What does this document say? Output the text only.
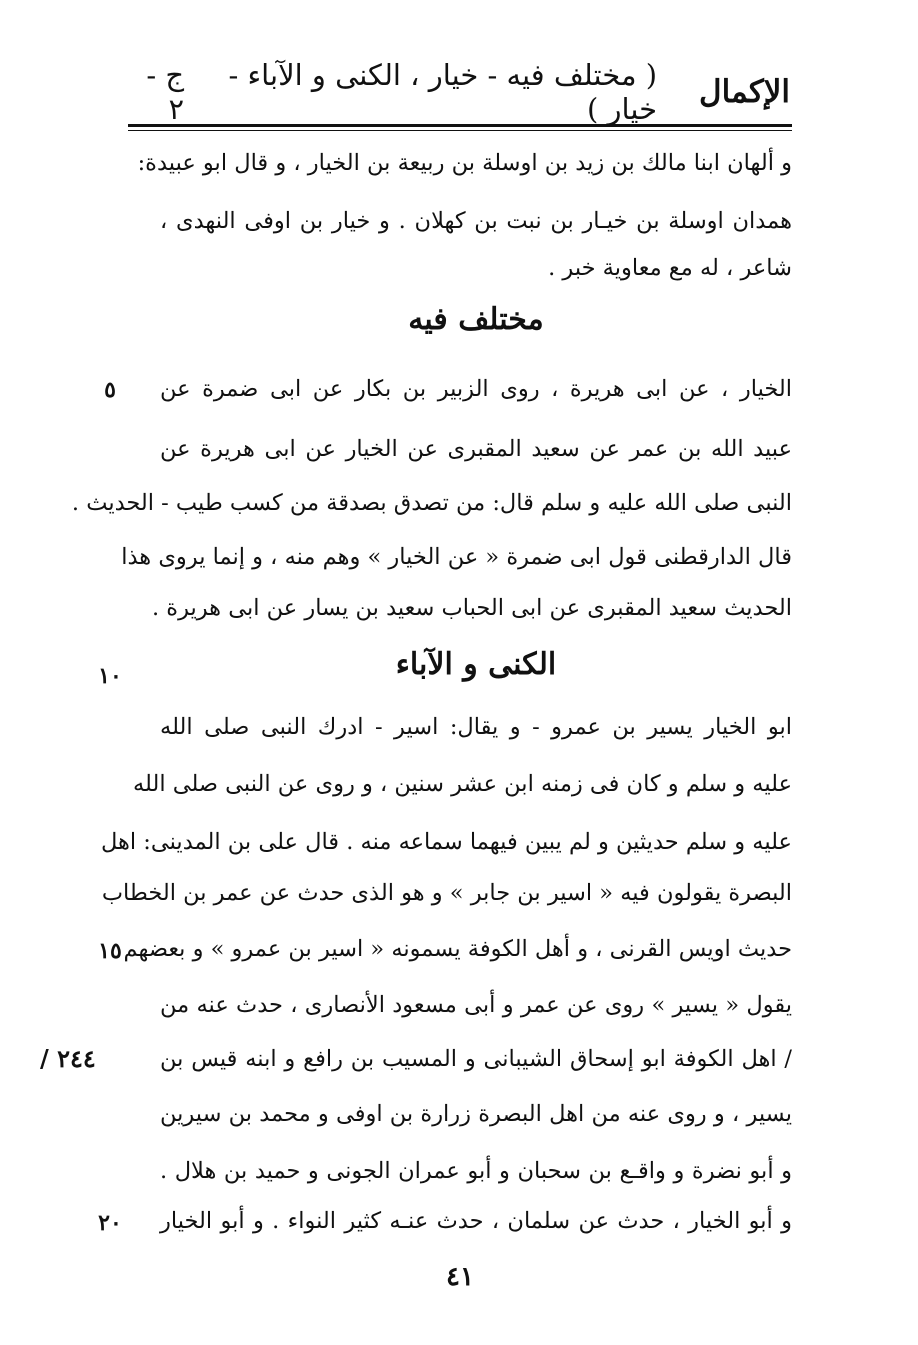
الإكمال
( مختلف فيه - خيار ، الكنى و الآباء - خيار )
ج - ٢
و ألهان ابنا مالك بن زيد بن اوسلة بن ربيعة بن الخيار ، و قال ابو عبيدة:
همدان اوسلة بن خيـار بن نبت بن كهلان . و خيار بن اوفى النهدى ،
شاعر ، له مع معاوية خبر .
مختلف فيه
الخيار ، عن ابى هريرة ، روى الزبير بن بكار عن ابى ضمرة عن
عبيد الله بن عمر عن سعيد المقبرى عن الخيار عن ابى هريرة عن
النبى صلى الله عليه و سلم قال: من تصدق بصدقة من كسب طيب - الحديث .
قال الدارقطنى قول ابى ضمرة « عن الخيار » وهم منه ، و إنما يروى هذا
الحديث سعيد المقبرى عن ابى الحباب سعيد بن يسار عن ابى هريرة .
الكنى و الآباء
ابو الخيار يسير بن عمرو - و يقال: اسير - ادرك النبى صلى الله
عليه و سلم و كان فى زمنه ابن عشر سنين ، و روى عن النبى صلى الله
عليه و سلم حديثين و لم يبين فيهما سماعه منه . قال على بن المدينى: اهل
البصرة يقولون فيه « اسير بن جابر » و هو الذى حدث عن عمر بن الخطاب
حديث اويس القرنى ، و أهل الكوفة يسمونه « اسير بن عمرو » و بعضهم
يقول « يسير » روى عن عمر و أبى مسعود الأنصارى ، حدث عنه من
/ اهل الكوفة ابو إسحاق الشيبانى و المسيب بن رافع و ابنه قيس بن
يسير ، و روى عنه من اهل البصرة زرارة بن اوفى و محمد بن سيرين
و أبو نضرة و واقـع بن سحبان و أبو عمران الجونى و حميد بن هلال .
و أبو الخيار ، حدث عن سلمان ، حدث عنـه كثير النواء . و أبو الخيار
٥
١٠
١٥
٢٠
٢٤٤ /
٤١
